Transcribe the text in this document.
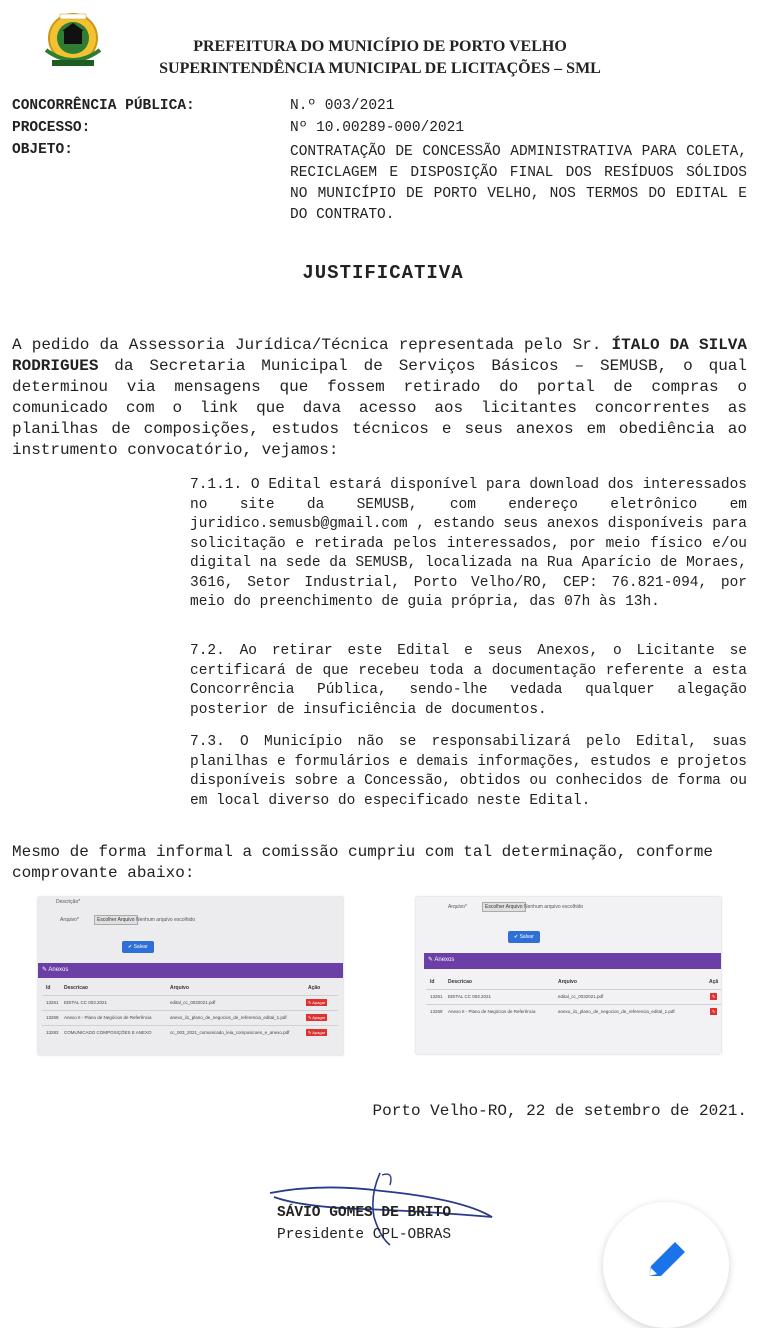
PREFEITURA DO MUNICÍPIO DE PORTO VELHO
SUPERINTENDÊNCIA MUNICIPAL DE LICITAÇÕES – SML
CONCORRÊNCIA PÚBLICA:	N.º 003/2021
PROCESSO:	Nº 10.00289-000/2021
OBJETO:	CONTRATAÇÃO DE CONCESSÃO ADMINISTRATIVA PARA COLETA, RECICLAGEM E DISPOSIÇÃO FINAL DOS RESÍDUOS SÓLIDOS NO MUNICÍPIO DE PORTO VELHO, NOS TERMOS DO EDITAL E DO CONTRATO.
JUSTIFICATIVA
A pedido da Assessoria Jurídica/Técnica representada pelo Sr. ÍTALO DA SILVA RODRIGUES da Secretaria Municipal de Serviços Básicos – SEMUSB, o qual determinou via mensagens que fossem retirado do portal de compras o comunicado com o link que dava acesso aos licitantes concorrentes as planilhas de composições, estudos técnicos e seus anexos em obediência ao instrumento convocatório, vejamos:
7.1.1. O Edital estará disponível para download dos interessados no site da SEMUSB, com endereço eletrônico em juridico.semusb@gmail.com , estando seus anexos disponíveis para solicitação e retirada pelos interessados, por meio físico e/ou digital na sede da SEMUSB, localizada na Rua Aparício de Moraes, 3616, Setor Industrial, Porto Velho/RO, CEP: 76.821-094, por meio do preenchimento de guia própria, das 07h às 13h.
7.2. Ao retirar este Edital e seus Anexos, o Licitante se certificará de que recebeu toda a documentação referente a esta Concorrência Pública, sendo-lhe vedada qualquer alegação posterior de insuficiência de documentos.
7.3. O Município não se responsabilizará pelo Edital, suas planilhas e formulários e demais informações, estudos e projetos disponíveis sobre a Concessão, obtidos ou conhecidos de forma ou em local diverso do especificado neste Edital.
Mesmo de forma informal a comissão cumpriu com tal determinação, conforme comprovante abaixo:
Descrição*
Arquivo*	Escolher Arquivo Nenhum arquivo escolhido
✔ Salvar
✎ Anexos
Id	Descricao	Arquivo	Ação
13261 EDITAL CC 003.2021	edital_cc_0032021.pdf	✎ Apagar
13268 Anexo II - Plano de Negócios de Referência	anexo_ii1_plano_de_negocios_de_referencia_edital_1.pdf	✎ Apagar
13283 COMUNICADO COMPOSIÇÕES E ANEXO	cc_003_2021_comunicado_leia_composicoes_e_anexo.pdf	✎ Apagar
Arquivo*	Escolher Arquivo Nenhum arquivo escolhido
✔ Salvar
✎ Anexos
Id	Descricao	Arquivo	Açã
13261 EDITAL CC 003.2021	edital_cc_0032021.pdf	✎
13269 Anexo II - Plano de Negócios de Referência	anexo_ii1_plano_de_negocios_de_referencia_edital_1.pdf	✎
Porto Velho-RO, 22 de setembro de 2021.
SÁVIO GOMES DE BRITO
Presidente CPL-OBRAS
